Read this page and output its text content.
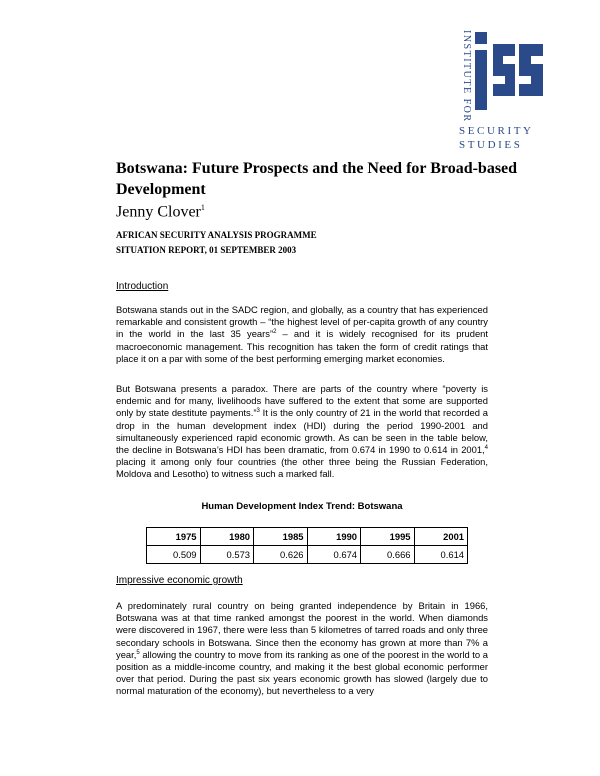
INSTITUTE FOR
SECURITY
STUDIES
Botswana: Future Prospects and the Need for Broad-based Development
Jenny Clover$^1$
AFRICAN SECURITY ANALYSIS PROGRAMME
SITUATION REPORT, 01 SEPTEMBER 2003
Introduction

Botswana stands out in the SADC region, and globally, as a country that has experienced remarkable and consistent growth – “the highest level of per-capita growth of any country in the world in the last 35 years”$^2$ – and it is widely recognised for its prudent macroeconomic management. This recognition has taken the form of credit ratings that place it on a par with some of the best performing emerging market economies.

But Botswana presents a paradox. There are parts of the country where “poverty is endemic and for many, livelihoods have suffered to the extent that some are supported only by state destitute payments.”$^3$ It is the only country of 21 in the world that recorded a drop in the human development index (HDI) during the period 1990-2001 and simultaneously experienced rapid economic growth. As can be seen in the table below, the decline in Botswana’s HDI has been dramatic, from 0.674 in 1990 to 0.614 in 2001,$^4$ placing it among only four countries (the other three being the Russian Federation, Moldova and Lesotho) to witness such a marked fall.

Human Development Index Trend: Botswana
1975	1980	1985	1990	1995	2001
0.509	0.573	0.626	0.674	0.666	0.614
Impressive economic growth

A predominately rural country on being granted independence by Britain in 1966, Botswana was at that time ranked amongst the poorest in the world. When diamonds were discovered in 1967, there were less than 5 kilometres of tarred roads and only three secondary schools in Botswana. Since then the economy has grown at more than 7% a year,$^5$ allowing the country to move from its ranking as one of the poorest in the world to a position as a middle-income country, and making it the best global economic performer over that period. During the past six years economic growth has slowed (largely due to normal maturation of the economy), but nevertheless to a very
